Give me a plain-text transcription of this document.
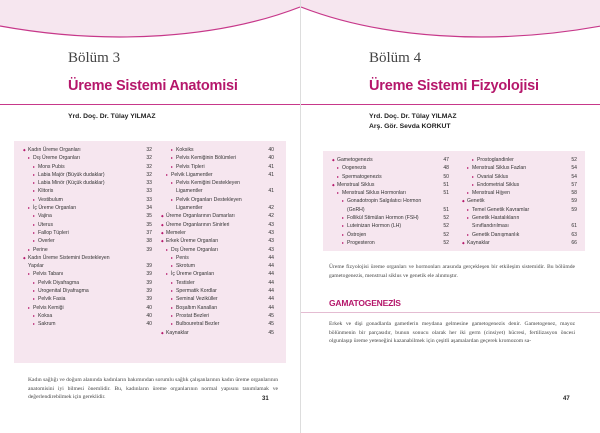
Bölüm 3
Üreme Sistemi Anatomisi
Yrd. Doç. Dr. Tülay YILMAZ
◆ Kadın Üreme Organları	32
▸ Dış Üreme Organları	32
▸ Mons Pubis	32
▸ Labia Majör (Büyük dudaklar)	32
▸ Labia Minör (Küçük dudaklar)	33
▸ Klitoris	33
▸ Vestibulum	33
▸ İç Üreme Organları	34
▸ Vajina	35
▸ Uterus	35
▸ Fallop Tüpleri	37
▸ Overler	38
▸ Perine	39
◆ Kadın Üreme Sistemini Destekleyen
Yapılar	39
▸ Pelvis Tabanı	39
▸ Pelvik Diyafragma	39
▸ Urogenital Diyafragma	39
▸ Pelvik Fasia	39
▸ Pelvis Kemiği	40
▸ Koksa	40
▸ Sakrum	40
▸ Koksiks	40
▸ Pelvis Kemiğinin Bölümleri	40
▸ Pelvis Tipleri	41
▸ Pelvik Ligamentler	41
▸ Pelvis Kemiğini Destekleyen
Ligamentler	41
▸ Pelvik Organları Destekleyen
Ligamentler	42
◆ Üreme Organlarının Damarları	42
◆ Üreme Organlarının Sinirleri	43
◆ Memeler	43
◆ Erkek Üreme Organları	43
▸ Dış Üreme Organları	43
▸ Penis	44
▸ Skrotum	44
▸ İç Üreme Organları	44
▸ Testisler	44
▸ Spermatik Kordlar	44
▸ Seminal Veziküller	44
▸ Boşaltım Kanalları	44
▸ Prostat Bezleri	45
▸ Bulbouretral Bezler	45
◆ Kaynaklar	45
Kadın sağlığı ve doğum alanında kadınların bakımından sorumlu sağlık çalışanlarının kadın üreme organlarının anatomisini iyi bilmesi önemlidir. Bu, kadınların üreme organlarının normal yapısını tanımlamak ve değerlendirebilmek için gereklidir.	31
Bölüm 4
Üreme Sistemi Fizyolojisi
Yrd. Doç. Dr. Tülay YILMAZ
Arş. Gör. Sevda KORKUT
◆ Gametogenezis	47
▸ Oogenezis	48
▸ Spermatogenezis	50
◆ Menstrual Siklus	51
▸ Menstrual Siklus Hormonları	51
▸ Gonadotropin Salgılatıcı Hormon
(GnRH)	51
▸ Follikül Stimülan Hormon (FSH)	52
▸ Luteinizan Hormon (LH)	52
▸ Östrojen	52
▸ Progesteron	52
▸ Prostoglandinler	52
▸ Menstrual Siklus Fazları	54
▸ Ovarial Siklus	54
▸ Endometrial Siklus	57
▸ Menstrual Hijyen	58
◆ Genetik	59
▸ Temel Genetik Kavramlar	59
▸ Genetik Hastalıkların
Sınıflandırılması	61
▸ Genetik Danışmanlık	63
◆ Kaynaklar	66
Üreme fizyolojisi üreme organları ve hormonları arasında gerçekleşen bir etkileşim sistemidir. Bu bölümde gametogenezis, menstrual siklus ve genetik ele alınmıştır.
GAMATOGENEZİS
Erkek ve dişi gonadlarda gametlerin meydana gelmesine gametogenezis denir. Gametogenez, mayoz bölünmenin bir parçasıdır, bunun sonucu olarak her iki germ (cinsiyet) hücresi, fertilizasyon öncesi olgunlaşıp üreme yeteneğini kazanabilmek için çeşitli aşamalardan geçerek kromozom sa-
47
